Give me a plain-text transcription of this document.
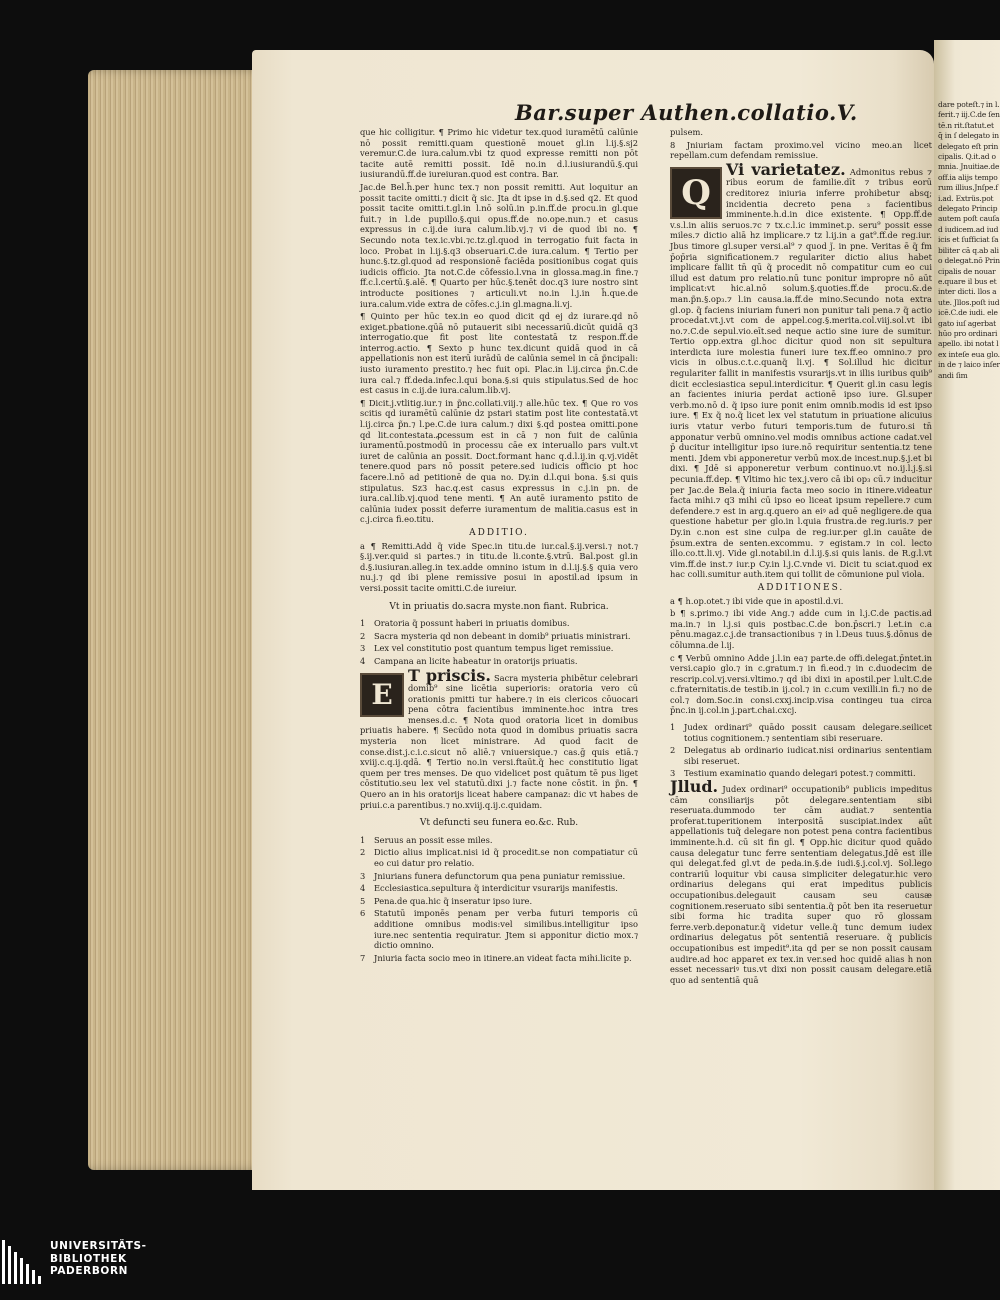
dare poteſt.⁊ in l. ferit.⁊ iij.C.de ſentē.n rit.ſtatut.et q̃ in ſ delegato in delegato eſt principalis. Q.it.ad omnia. Jnuitiae.de off.ia alijs temporum illius.Jnſpe.fi.ad. Extrüs.pot delegato Princip autem poſt cauſa d iudicem.ad iudicis et ſufficiat ſabiliter cā q.ab alio delegat.nō Principalis de nouare.quare il bus et inter dicti. llos aute. Jllos.poſt iudicē.C.de iudi. elegato iuſ agerbat hūo pro ordinari apello. ibi notat lex inteſe eua glo.in de ⁊ laico inſerandi ſim
Bar.super Authen.collatio.V.

que hic colligitur. ¶ Primo hic videtur tex.quod iuramētū calūnie nō possit remitti.quam questionē mouet gl.in l.ij.§.sj2 veremur.C.de iura.calum.vbi tz quod expresse remitti non pōt tacite autē remitti possit. Idē no.in d.l.iusiurandū.§.qui iusiurandū.ff.de iureiuran.quod est contra. Bar.

Jac.de Bel.h̃.per hunc tex.⁊ non possit remitti. Aut loquitur an possit tacite omitti.⁊ dicit q̃ sic. Jta dt ipse in d.§.sed q2. Et quod possit tacite omitti.t.gl.in l.nō solū.in p.in.ff.de procu.in gl.que fuit.⁊ in l.de pupillo.§.qui opus.ff.de no.ope.nun.⁊ et casus expressus in c.ij.de iura calum.lib.vj.⁊ vi de quod ibi no. ¶ Secundo nota tex.ic.vbi.⁊c.tz.gl.quod in terrogatio fuit facta in loco. Probat in l.ij.§.q3 obseruari.C.de iura.calum. ¶ Tertio per hunc.§.tz.gl.quod ad responsionē faciēda positionibus cogat quis iudicis officio. Jta not.C.de cōfessio.l.vna in glossa.mag.in fine.⁊ ff.c.l.certū.§.alē. ¶ Quarto per hūc.§.tenēt doc.q3 iure nostro sint introducte positiones ⁊ articuli.vt no.in l.j.in h̃.que.de iura.calum.vide extra de cōfes.c.j.in gl.magna.li.vj.

¶ Quinto per hūc tex.in eo quod dicit qd ej dz iurare.qd nō exiget.pbatione.qūā nō putauerit sibi necessariū.dicūt quidā q3 interrogatio.que fit post lite contestatā tz respon.ff.de interrog.actio. ¶ Sexto p hunc tex.dicunt quidā quod in cā appellationis non est iterū iurādū de calūnia semel in cā p̃ncipali: iusto iuramento prestito.⁊ hec fuit opi. Plac.in l.ij.circa p̃n.C.de iura cal.⁊ ff.deda.infec.l.qui bona.§.si quis stipulatus.Sed de hoc est casus in c.ij.de iura.calum.lib.vj.

¶ Dicit.j.vtlitig.iur.⁊ in p̃nc.collati.viij.⁊ alle.hūc tex. ¶ Que ro vos scitis qd iuramētū calūnie dz pstari statim post lite contestatā.vt l.ij.circa p̃n.⁊ l.pe.C.de iura calum.⁊ dixi §.qd postea omitti.pone qd lit.contestata.ꝓcessum est in cā ⁊ non fuit de calūnia iuramentū.postmodū in processu cāe ex interuallo pars vult.vt iuret de calūnia an possit. Doct.formant hanc q.d.l.ij.in q.vj.vidēt tenere.quod pars nō possit petere.sed iudicis officio pt hoc facere.l.nō ad petitionē de qua no. Dy.in d.l.qui bona. §.si quis stipulatus. Sz3 hac.q.est casus expressus in c.j.in pn. de iura.cal.lib.vj.quod tene menti. ¶ An autē iuramento pstito de calūnia iudex possit deferre iuramentum de malitia.casus est in c.j.circa fi.eo.titu.

ADDITIO.

a ¶ Remitti.Add q̃ vide Spec.in titu.de iur.cal.§.ij.versi.⁊ not.⁊ §.ij.ver.quid si partes.⁊ in titu.de li.conte.§.vtrū. Bal.post gl.in d.§.iusiuran.alleg.in tex.adde omnino istum in d.l.ij.§.§ quia vero nu.j.⁊ qd ibi plene remissive posui in apostil.ad ipsum in versi.possit tacite omitti.C.de iureiur.

Vt in priuatis do.sacra myste.non fiant. Rubrica.

1 Oratoria q̃ possunt haberi in priuatis domibus.

2 Sacra mysteria qd non debeant in domib⁹ priuatis ministrari.

3 Lex vel constitutio post quantum tempus liget remissiue.

4 Campana an licite habeatur in oratorijs priuatis.

E
T priscis. Sacra mysteria phibētur celebrari domib⁹ sine licētia superioris: oratoria vero cū orationis pmitti tur habere.⁊ in eis clericos cōuocari pena cōtra facientibus imminente.hoc intra tres menses.d.c. ¶ Nota quod oratoria licet in domibus priuatis habere. ¶ Secūdo nota quod in domibus priuatis sacra mysteria non licet ministrare. Ad quod facit de conse.dist.j.c.i.c.sicut nō aliē.⁊ vniuersique.⁊ cas.ḡ quis etiā.⁊ xviij.c.q.ij.qdā. ¶ Tertio no.in versi.ftaūt.q̃ hec constitutio ligat quem per tres menses. De quo videlicet post quātum tē pus liget cōstitutio.seu lex vel statutū.dixi j.⁊ facte none cōstit. in p̃n. ¶ Quero an in his oratorijs liceat habere campanaz: dic vt habes de priui.c.a parentibus.⁊ no.xviij.q.ij.c.quidam.

Vt defuncti seu funera eo.&c. Rub.

1 Seruus an possit esse miles.

2 Dictio alius implicat.nisi id q̃ procedit.se non compatiatur cū eo cui datur pro relatio.

3 Jniurians funera defunctorum qua pena puniatur remissiue.

4 Ecclesiastica.sepultura q̃ interdicitur vsurarijs manifestis.

5 Pena.de qua.hic q̃ inseratur ipso iure.

6 Statutū imponēs penam per verba futuri temporis cū additione omnibus modis:vel similibus.intelligitur ipso iure.nec sententia requiratur. Jtem si apponitur dictio mox.⁊ dictio omnino.

7 Jniuria facta socio meo in itinere.an videat facta mihi.licite p.

pulsem.

8 Jniuriam factam proximo.vel vicino meo.an licet repellam.cum defendam remissiue.

Q
Vi varietatez. Admonitus rebus ⁊ ribus eorum de familie.dīt ⁊ tribus eorū creditorez iniuria inferre prohibetur absq; incidentia decreto pena ₃ facientibus imminente.h.d.in dice existente. ¶ Opp.ff.de v.s.l.in aliis seruos.⁊c ⁊ tx.c.l.ic imminet.p. seru⁹ possit esse miles.⁊ dictio aliā hz implicare.⁊ tz l.ij.in a gat⁹.ff.de reg.iur. Jbus timore gl.super versi.al⁹ ⁊ quod j̃. in pne. Veritas ē q̃ fm p̄op̄ria significationem.⁊ regulariter dictio alius habet implicare fallit tn̄ qū q̃ procedit nō compatitur cum eo cui illud est datum pro relatio.nū tunc ponitur impropre nō aūt implicat:vt hic.al.nō solum.§.quoties.ff.de procu.&.de man.p̃n.§.op₃.⁊ l.in causa.ia.ff.de mino.Secundo nota extra gl.op. q̃ faciens iniuriam funeri non punitur tali pena.⁊ q̃ actio procedat.vt.j.vt com de appel.cog.§.merita.col.viij.sol.vt ibi no.⁊.C.de sepul.vio.eīt.sed neque actio sine iure de sumitur. Tertio opp.extra gl.hoc dicitur quod non sit sepultura interdicta iure molestia funeri iure tex.ff.eo omnino.⁊ pro vicis in olbus.c.t.c.quanq̃ li.vj. ¶ Sol.illud hic dicitur regulariter fallit in manifestis vsurarijs.vt in illis iuribus quib⁹ dicit ecclesiastica sepul.interdicitur. ¶ Querit gl.in casu legis an facientes iniuria perdat actionē ipso iure. Gl.super verb.mo.nō d. q̃ ipso iure ponit enim omnib.modis id est ipso iure. ¶ Ex q̃ no.q̃ licet lex vel statutum in priuatione alicuius iuris vtatur verbo futuri temporis.tum de futuro.si tn̄ apponatur verbū omnino.vel modis omnibus actione cadat.vel p̄ ducitur intelligitur ipso iure.nō requiritur sententia.tz tene menti. Jdem vbi apponeretur verbū mox.de incest.nup.§.j.et bi dixi. ¶ Jdē si apponeretur verbum continuo.vt no.ij.l.j.§.si pecunia.ff.dep. ¶ Vltimo hic tex.j.vero cā ibi op₃ cū.⁊ inducitur per Jac.de Bela.q̃ iniuria facta meo socio in itinere.videatur facta mihi.⁊ q3 mihi cū ipso eo liceat ipsum repellere.⁊ cum defendere.⁊ est in arg.q.quero an eiꝰ ad quē negligere.de qua questione habetur per glo.in l.quia frustra.de reg.iuris.⁊ per Dy.in c.non est sine culpa de reg.iur.per gl.in cauāte de p̄sum.extra de senten.excommu. ⁊ egistam.⁊ in col. lecto illo.co.tt.li.vj. Vide gl.notabil.in d.l.ij.§.si quis lanis. de R.g.l.vt vim.ff.de inst.⁊ iur.p Cy.in l.j.C.vnde vi. Dicit tu sciat.quod ex hac colli.sumitur auth.item qui tollit de cōmunione pul viola.

ADDITIONES.

a ¶ h.op.otet.⁊ ibi vide que in apostil.d.vi.

b ¶ s.primo.⁊ ibi vide Ang.⁊ adde cum in l.j.C.de pactis.ad ma.in.⁊ in l.j.si quis postbac.C.de bon.p̄scri.⁊ l.et.in c.a pēnu.magaz.c.j.de transactionibus ⁊ in l.Deus tuus.§.dōnus de cōlumna.de l.ij.

c ¶ Verbū omnino Adde j.l.in ea⁊ parte.de offi.delegat.p̄ntet.in versi.capio glo.⁊ in c.gratum.⁊ in fi.eod.⁊ in c.duodecim de rescrip.col.vj.versi.vltimo.⁊ qd ibi dixi in apostil.per l.ult.C.de c.fraternitatis.de testib.in ij.col.⁊ in c.cum vexilli.in fi.⁊ no de col.⁊ dom.Soc.in consi.cxxj.incip.visa contingeu tua circa p̄nc.in ij.col.in j.part.chai.cxcj.

1 Judex ordinari⁹ quādo possit causam delegare.seilicet totius cognitionem.⁊ sententiam sibi reseruare.

2 Delegatus ab ordinario iudicat.nisi ordinarius sententiam sibi reseruet.

3 Testium examinatio quando delegari potest.⁊ committi.

Jllud. Judex ordinari⁹ occupationib⁹ publicis impeditus cām consiliarijs pōt delegare.sententiam sibi reseruata.dummodo ter cām audiat.⁊ sententia proferat.tuperitionem interpositā suscipiat.index aūt appellationis tuq̃ delegare non potest pena contra facientibus imminente.h.d. cū sit fin gl. ¶ Opp.hic dicitur quod quādo causa delegatur tunc ferre sententiam delegatus.Jdē est ille qui delegat.fed gl.vt de peda.in.§.de iudi.§.j.col.vj. Sol.lego contrariū loquitur vbi causa simpliciter delegatur.hic vero ordinarius delegans qui erat impeditus publicis occupationibus.delegauit causam seu causæ cognitionem.reseruato sibi sententia.q̃ pōt ben ita reseruetur sibi forma hic tradita super quo rō glossam ferre.verb.deponatur.q̃ videtur velle.q̃ tunc demum iudex ordinarius delegatus pōt sententiā reseruare. q̃ publicis occupationibus est impedit⁹.ita qd per se non possit causam audire.ad hoc apparet ex tex.in ver.sed hoc quidē alias h non esset necessariꝰ tus.vt dixi non possit causam delegare.etiā quo ad sententiā quā

UNIVERSITÄTS-
BIBLIOTHEK
PADERBORN
